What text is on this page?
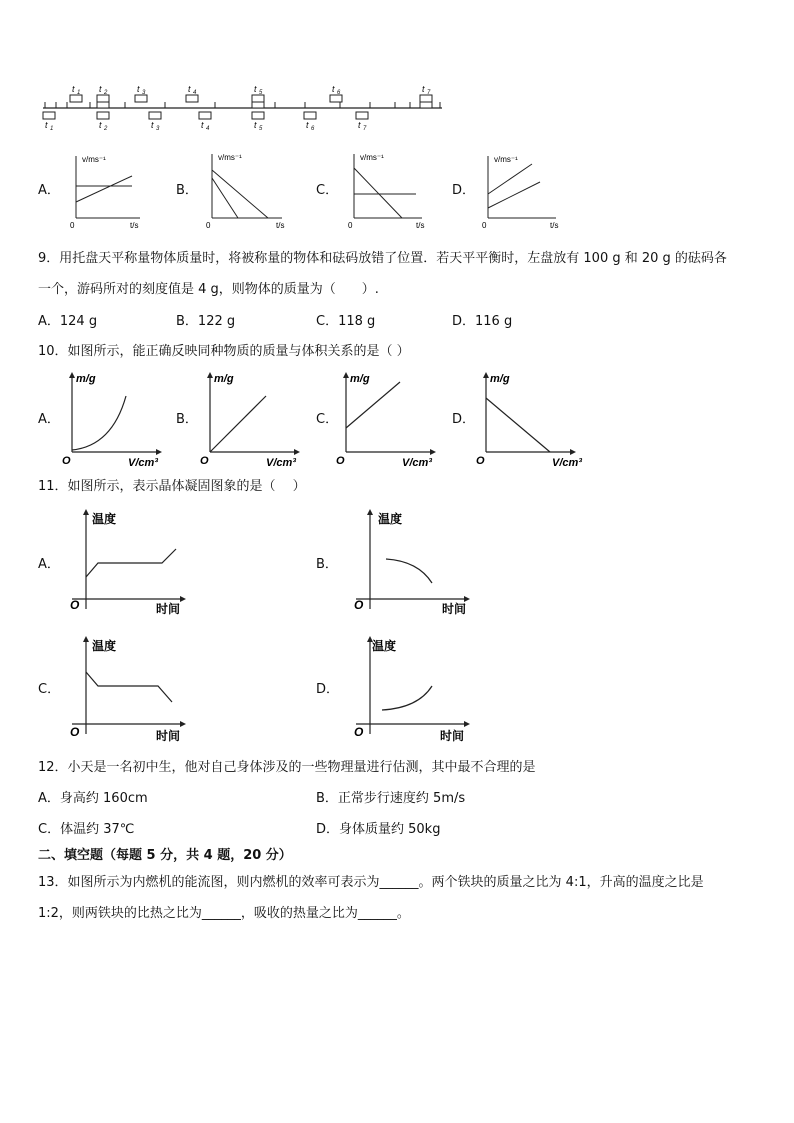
t 1 t 2	t 3	t 4	t 5	t 6	t 7
t 1	t 2	t 3	t 4	t 5	t 6	t 7
A．	B．	C．	D．
v/ms⁻¹
t/s
0
v/ms⁻¹
t/s
0
v/ms⁻¹
t/s
0
v/ms⁻¹
t/s
0
9．用托盘天平称量物体质量时，将被称量的物体和砝码放错了位置．若天平平衡时，左盘放有 100 g 和 20 g 的砝码各
一个，游码所对的刻度值是 4 g，则物体的质量为（　　）.
A．124 g	B．122 g	C．118 g	D．116 g
10．如图所示，能正确反映同种物质的质量与体积关系的是（ ）
A．	B．	C．	D．
m/g
V/cm³
O
m/g
V/cm³
O
m/g
V/cm³
O
m/g
V/cm³
O
11．如图所示，表示晶体凝固图象的是（　 ）
A．	B．
C．	D．
温度
时间
O
温度
时间
O
温度
时间
O
温度
时间
O
12．小天是一名初中生，他对自己身体涉及的一些物理量进行估测，其中最不合理的是
A．身高约 160cm	B．正常步行速度约 5m/s
C．体温约 37℃	D．身体质量约 50kg
二、填空题（每题 5 分，共 4 题，20 分）
13．如图所示为内燃机的能流图，则内燃机的效率可表示为______。两个铁块的质量之比为 4:1，升高的温度之比是
1:2，则两铁块的比热之比为______，吸收的热量之比为______。
